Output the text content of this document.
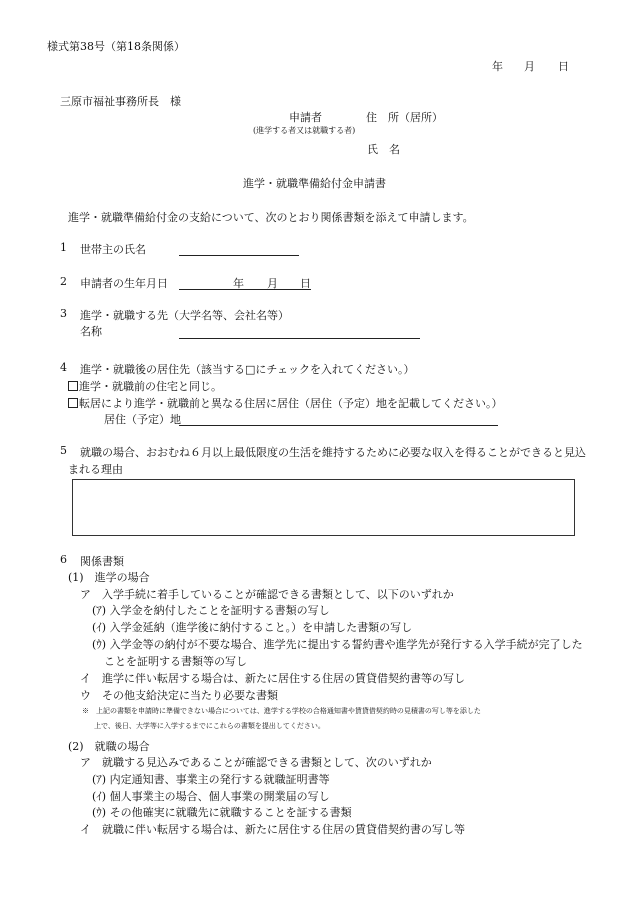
様式第38号（第18条関係）
年 月 日
三原市福祉事務所長　様
申請者	住　所（居所）
(進学する者又は就職する者)
氏　名
進学・就職準備給付金申請書
進学・就職準備給付金の支給について、次のとおり関係書類を添えて申請します。
1 世帯主の氏名
2 申請者の生年月日	年 月 日
3 進学・就職する先（大学名等、会社名等）
名称
4 進学・就職後の居住先（該当する□にチェックを入れてください。）
進学・就職前の住宅と同じ。
転居により進学・就職前と異なる住居に居住（居住（予定）地を記載してください。）
居住（予定）地
5 就職の場合、おおむね６月以上最低限度の生活を維持するために必要な収入を得ることができると見込
まれる理由
6 関係書類
(1)　進学の場合
ア　入学手続に着手していることが確認できる書類として、以下のいずれか
(ｱ) 入学金を納付したことを証明する書類の写し
(ｲ) 入学金延納（進学後に納付すること。）を申請した書類の写し
(ｳ) 入学金等の納付が不要な場合、進学先に提出する誓約書や進学先が発行する入学手続が完了した
ことを証明する書類等の写し
イ　進学に伴い転居する場合は、新たに居住する住居の賃貸借契約書等の写し
ウ　その他支給決定に当たり必要な書類
※　上記の書類を申請時に準備できない場合については、進学する学校の合格通知書や賃貸借契約時の見積書の写し等を添した
上で、後日、大学等に入学するまでにこれらの書類を提出してください。
(2)　就職の場合
ア　就職する見込みであることが確認できる書類として、次のいずれか
(ｱ) 内定通知書、事業主の発行する就職証明書等
(ｲ) 個人事業主の場合、個人事業の開業届の写し
(ｳ) その他確実に就職先に就職することを証する書類
イ　就職に伴い転居する場合は、新たに居住する住居の賃貸借契約書の写し等
